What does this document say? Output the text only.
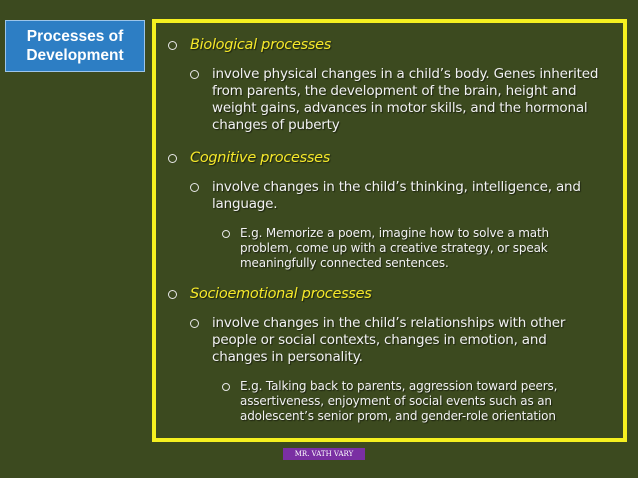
Processes of Development
Biological processes
involve physical changes in a child’s body. Genes inherited from parents, the development of the brain, height and weight gains, advances in motor skills, and the hormonal changes of puberty
Cognitive processes
involve changes in the child’s thinking, intelligence, and language.
E.g. Memorize a poem, imagine how to solve a math problem, come up with a creative strategy, or speak meaningfully connected sentences.
Socioemotional processes
involve changes in the child’s relationships with other people or social contexts, changes in emotion, and changes in personality.
E.g. Talking back to parents, aggression toward peers, assertiveness, enjoyment of social events such as an adolescent’s senior prom, and gender-role orientation
MR. VATH VARY
